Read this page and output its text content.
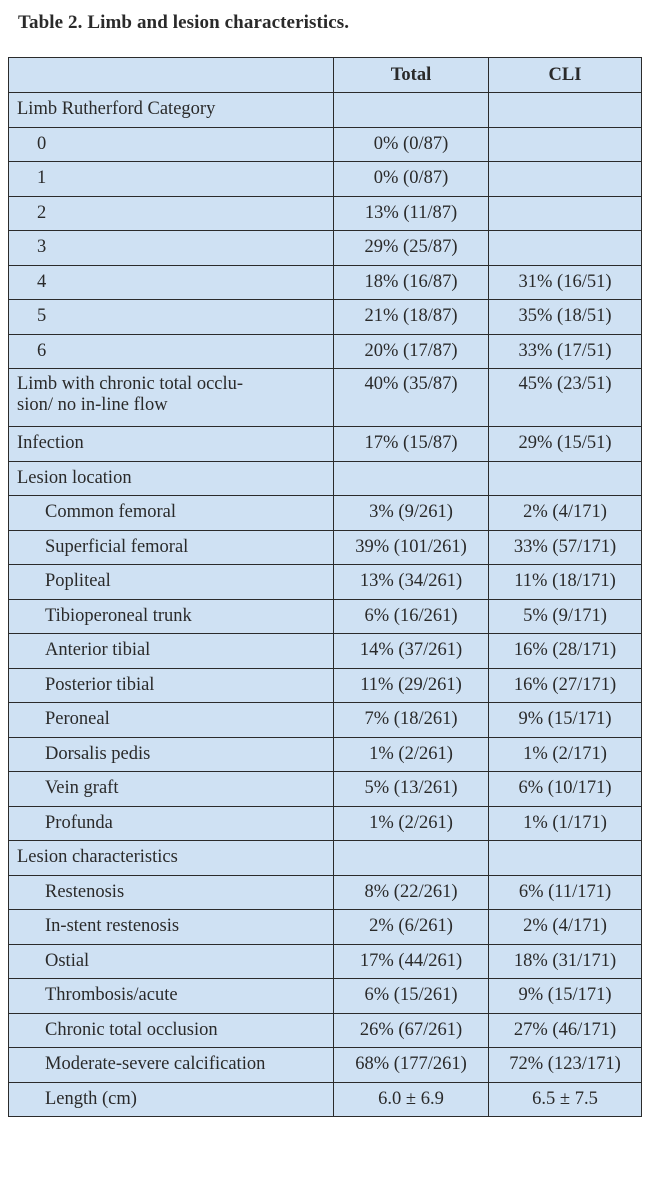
Table 2. Limb and lesion characteristics.
	Total	CLI
Limb Rutherford Category		
0	0% (0/87)	
1	0% (0/87)	
2	13% (11/87)	
3	29% (25/87)	
4	18% (16/87)	31% (16/51)
5	21% (18/87)	35% (18/51)
6	20% (17/87)	33% (17/51)

Limb with chronic total occlu-
sion/ no in-line flow	40% (35/87)	45% (23/51)
Infection	17% (15/87)	29% (15/51)
Lesion location		
Common femoral	3% (9/261)	2% (4/171)
Superficial femoral	39% (101/261)	33% (57/171)
Popliteal	13% (34/261)	11% (18/171)
Tibioperoneal trunk	6% (16/261)	5% (9/171)
Anterior tibial	14% (37/261)	16% (28/171)
Posterior tibial	11% (29/261)	16% (27/171)
Peroneal	7% (18/261)	9% (15/171)
Dorsalis pedis	1% (2/261)	1% (2/171)
Vein graft	5% (13/261)	6% (10/171)
Profunda	1% (2/261)	1% (1/171)
Lesion characteristics		
Restenosis	8% (22/261)	6% (11/171)
In-stent restenosis	2% (6/261)	2% (4/171)
Ostial	17% (44/261)	18% (31/171)
Thrombosis/acute	6% (15/261)	9% (15/171)
Chronic total occlusion	26% (67/261)	27% (46/171)
Moderate-severe calcification	68% (177/261)	72% (123/171)
Length (cm)	6.0 ± 6.9	6.5 ± 7.5
